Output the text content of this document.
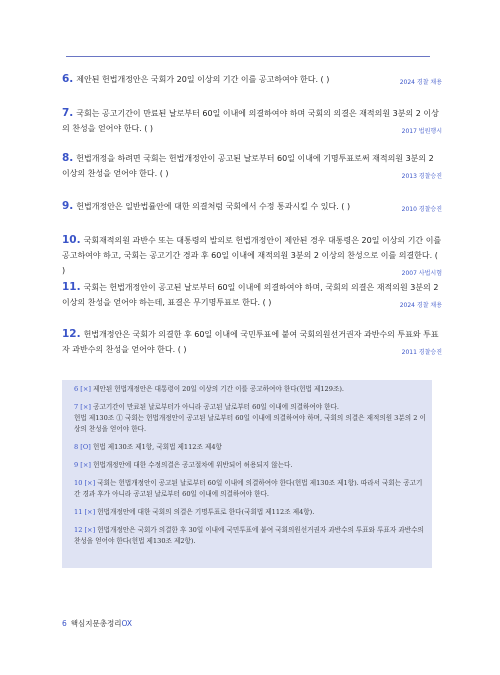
6. 제안된 헌법개정안은 국회가 20일 이상의 기간 이를 공고하여야 한다. ( )	2024 경찰 채용
7. 국회는 공고기간이 만료된 날로부터 60일 이내에 의결하여야 하며 국회의 의결은 재적의원 3분의 2 이상의 찬성을 얻어야 한다. ( )	2017 법원행시
8. 헌법개정을 하려면 국회는 헌법개정안이 공고된 날로부터 60일 이내에 기명투표로써 재적의원 3분의 2 이상의 찬성을 얻어야 한다. ( )	2013 경찰승진
9. 헌법개정안은 일반법률안에 대한 의결처럼 국회에서 수정 통과시킬 수 있다. ( )	2010 경찰승진
10. 국회재적의원 과반수 또는 대통령의 발의로 헌법개정안이 제안된 경우 대통령은 20일 이상의 기간 이를 공고하여야 하고, 국회는 공고기간 경과 후 60일 이내에 재적의원 3분의 2 이상의 찬성으로 이를 의결한다. ( )	2007 사법시험
11. 국회는 헌법개정안이 공고된 날로부터 60일 이내에 의결하여야 하며, 국회의 의결은 재적의원 3분의 2 이상의 찬성을 얻어야 하는데, 표결은 무기명투표로 한다. ( )	2024 경찰 채용
12. 헌법개정안은 국회가 의결한 후 60일 이내에 국민투표에 붙여 국회의원선거권자 과반수의 투표와 투표자 과반수의 찬성을 얻어야 한다. ( )	2011 경찰승진
6 [×] 제안된 헌법개정안은 대통령이 20일 이상의 기간 이를 공고하여야 한다(헌법 제129조).
7 [×] 공고기간이 만료된 날로부터가 아니라 공고된 날로부터 60일 이내에 의결하여야 한다.
헌법 제130조 ① 국회는 헌법개정안이 공고된 날로부터 60일 이내에 의결하여야 하며, 국회의 의결은 재적의원 3분의 2 이상의 찬성을 얻어야 한다.
8 [O] 헌법 제130조 제1항, 국회법 제112조 제4항
9 [×] 헌법개정안에 대한 수정의결은 공고절차에 위반되어 허용되지 않는다.
10 [×] 국회는 헌법개정안이 공고된 날로부터 60일 이내에 의결하여야 한다(헌법 제130조 제1항). 따라서 국회는 공고기간 경과 후가 아니라 공고된 날로부터 60일 이내에 의결하여야 한다.
11 [×] 헌법개정안에 대한 국회의 의결은 기명투표로 한다(국회법 제112조 제4항).
12 [×] 헌법개정안은 국회가 의결한 후 30일 이내에 국민투표에 붙여 국회의원선거권자 과반수의 투표와 투표자 과반수의 찬성을 얻어야 한다(헌법 제130조 제2항).
6 핵심지문총정리OX
